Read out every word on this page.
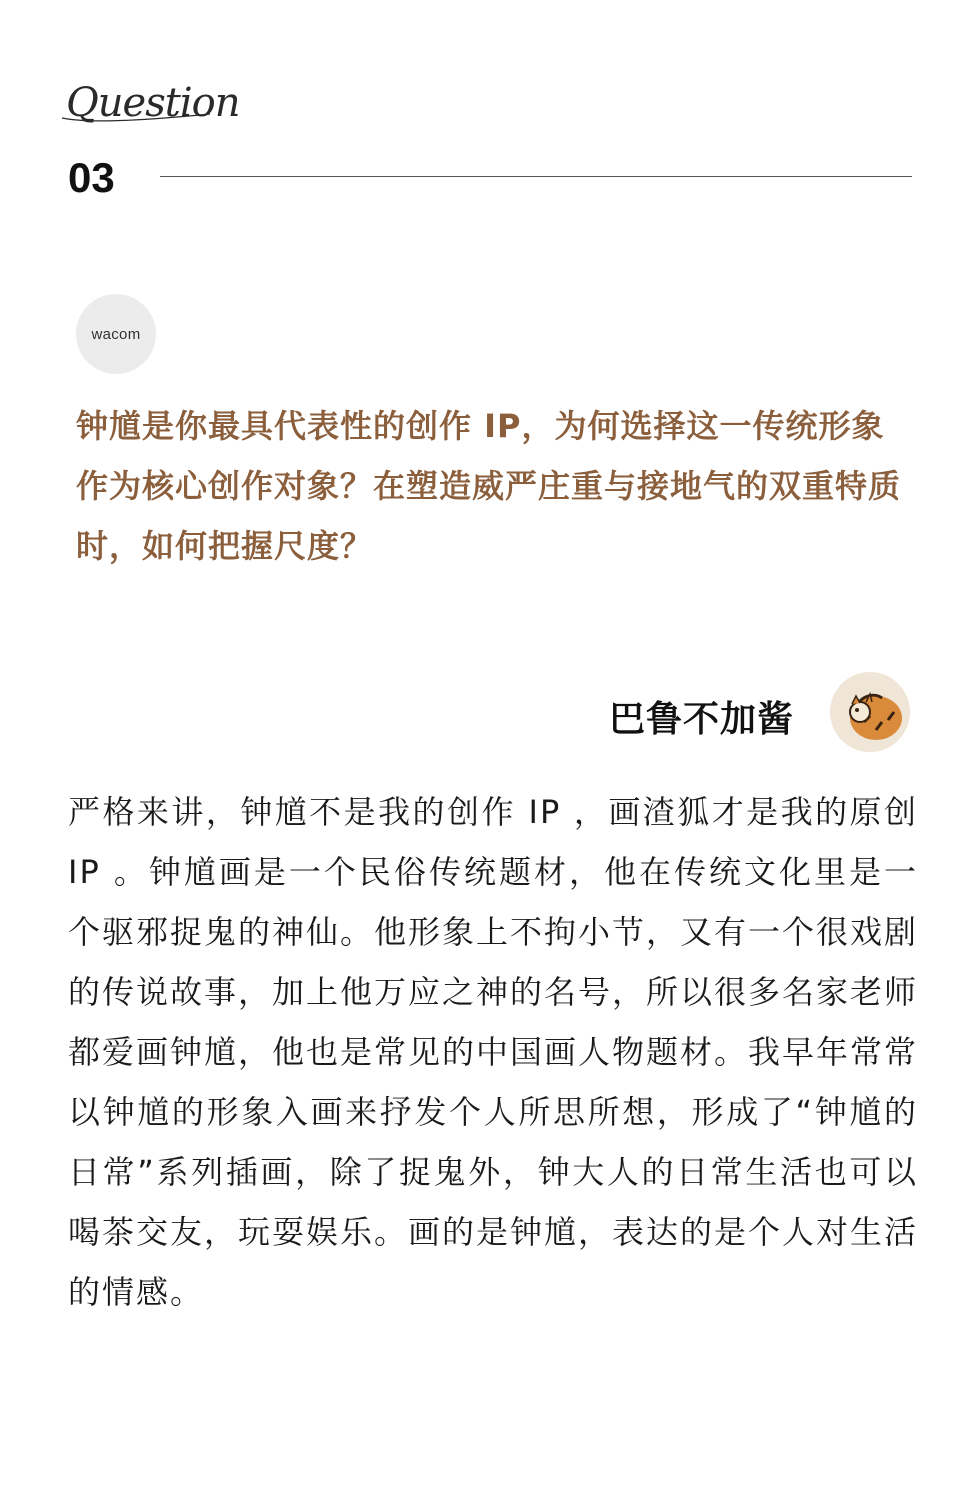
Question
03
wacom
钟馗是你最具代表性的创作 IP，为何选择这一传统形象作为核心创作对象？在塑造威严庄重与接地气的双重特质时，如何把握尺度？
巴鲁不加酱
严格来讲，钟馗不是我的创作 IP ，画渣狐才是我的原创 IP 。钟馗画是一个民俗传统题材，他在传统文化里是一个驱邪捉鬼的神仙。他形象上不拘小节，又有一个很戏剧的传说故事，加上他万应之神的名号，所以很多名家老师都爱画钟馗，他也是常见的中国画人物题材。我早年常常以钟馗的形象入画来抒发个人所思所想，形成了“钟馗的日常”系列插画，除了捉鬼外，钟大人的日常生活也可以喝茶交友，玩耍娱乐。画的是钟馗，表达的是个人对生活的情感。
